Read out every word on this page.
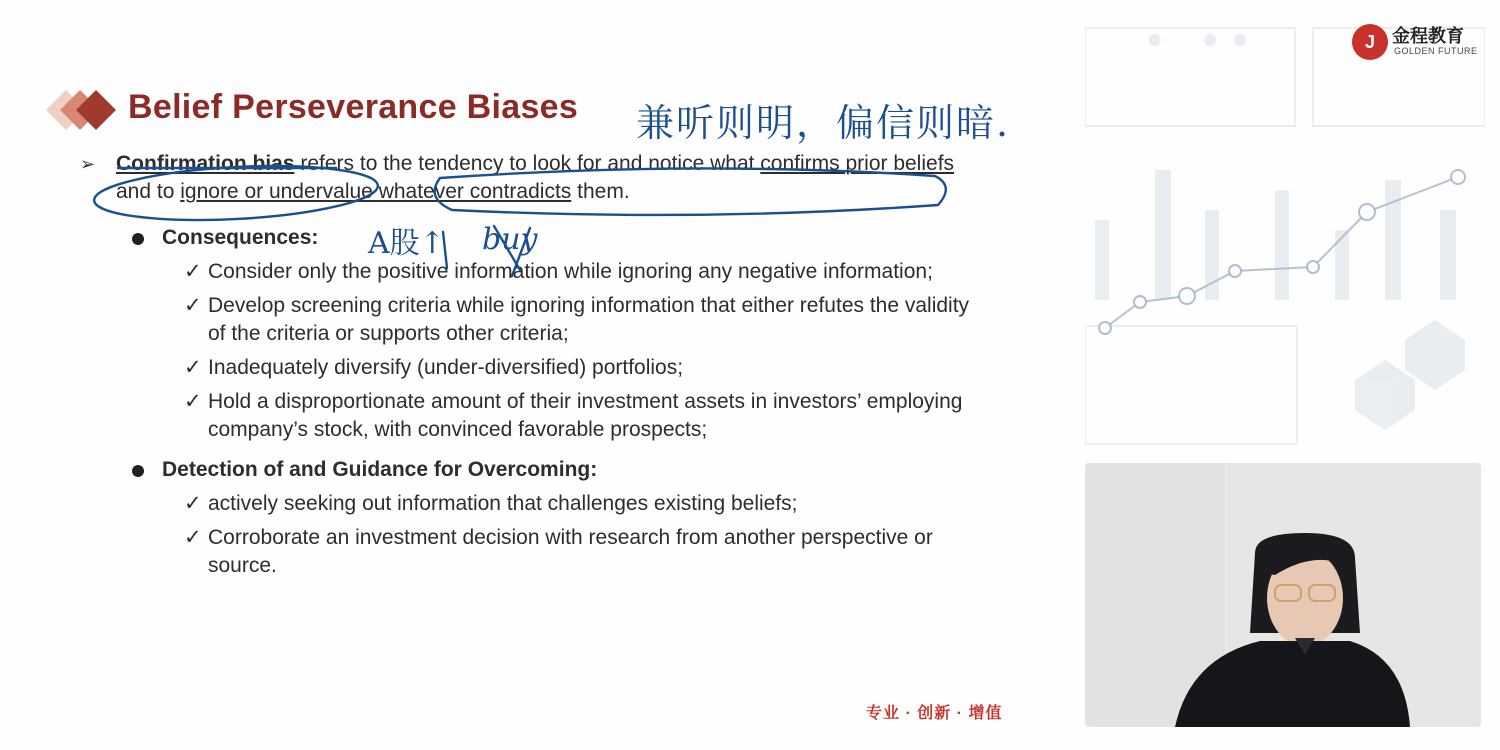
Belief Perseverance Biases
➢ Confirmation bias refers to the tendency to look for and notice what confirms prior beliefs and to ignore or undervalue whatever contradicts them.
Consequences:
✓ Consider only the positive information while ignoring any negative information;
✓ Develop screening criteria while ignoring information that either refutes the validity of the criteria or supports other criteria;
✓ Inadequately diversify (under-diversified) portfolios;
✓ Hold a disproportionate amount of their investment assets in investors’ employing company’s stock, with convinced favorable prospects;
Detection of and Guidance for Overcoming:
✓ actively seeking out information that challenges existing beliefs;
✓ Corroborate an investment decision with research from another perspective or source.
专业 · 创新 · 增值
J 金程教育
GOLDEN FUTURE
兼听则明，偏信则暗.
A股↑ buy
